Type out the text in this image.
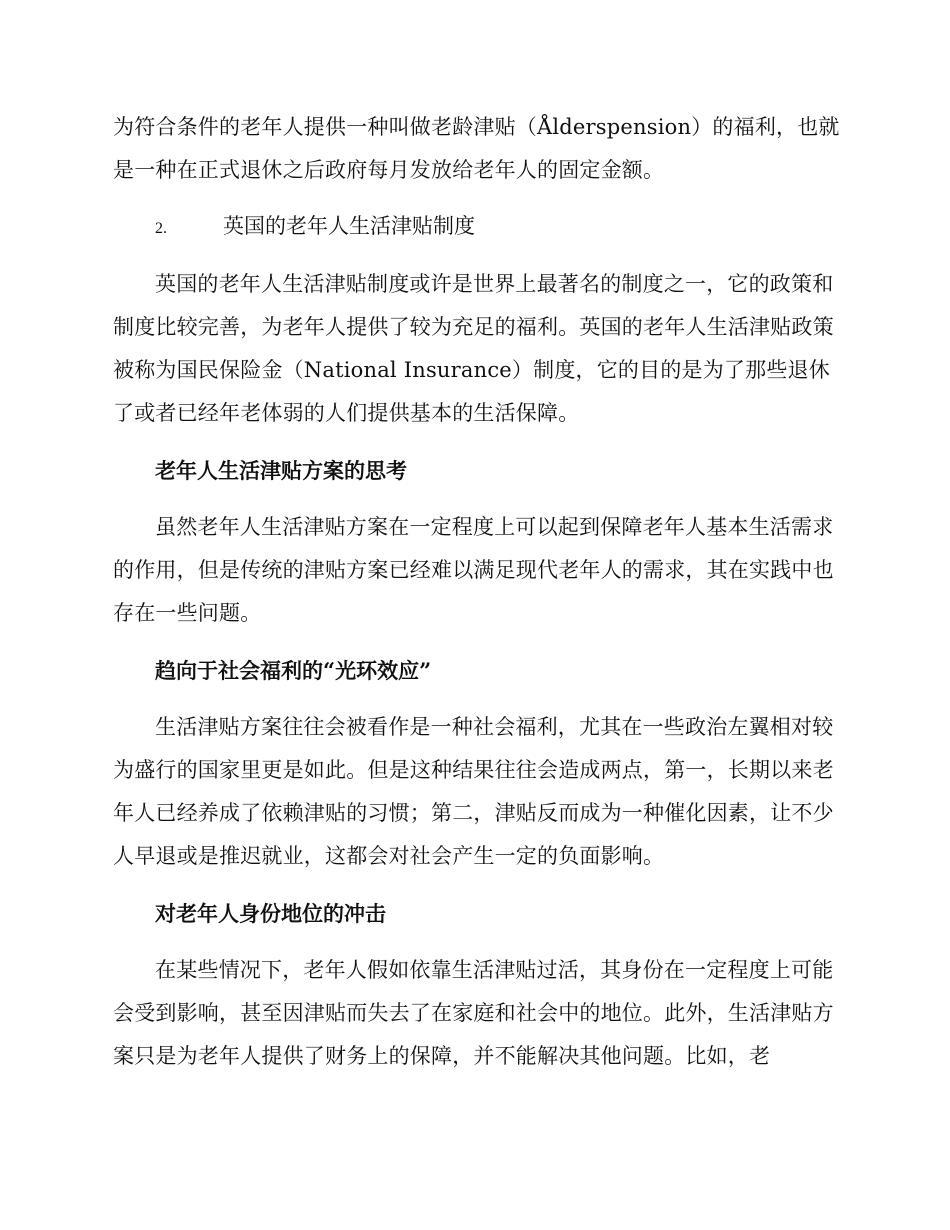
为符合条件的老年人提供一种叫做老龄津贴（Ålderspension）的福利，也就是一种在正式退休之后政府每月发放给老年人的固定金额。

2.	英国的老年人生活津贴制度

英国的老年人生活津贴制度或许是世界上最著名的制度之一，它的政策和制度比较完善，为老年人提供了较为充足的福利。英国的老年人生活津贴政策被称为国民保险金（National Insurance）制度，它的目的是为了那些退休了或者已经年老体弱的人们提供基本的生活保障。

老年人生活津贴方案的思考

虽然老年人生活津贴方案在一定程度上可以起到保障老年人基本生活需求的作用，但是传统的津贴方案已经难以满足现代老年人的需求，其在实践中也存在一些问题。

趋向于社会福利的“光环效应”

生活津贴方案往往会被看作是一种社会福利，尤其在一些政治左翼相对较为盛行的国家里更是如此。但是这种结果往往会造成两点，第一，长期以来老年人已经养成了依赖津贴的习惯；第二，津贴反而成为一种催化因素，让不少人早退或是推迟就业，这都会对社会产生一定的负面影响。

对老年人身份地位的冲击

在某些情况下，老年人假如依靠生活津贴过活，其身份在一定程度上可能会受到影响，甚至因津贴而失去了在家庭和社会中的地位。此外，生活津贴方案只是为老年人提供了财务上的保障，并不能解决其他问题。比如，老
